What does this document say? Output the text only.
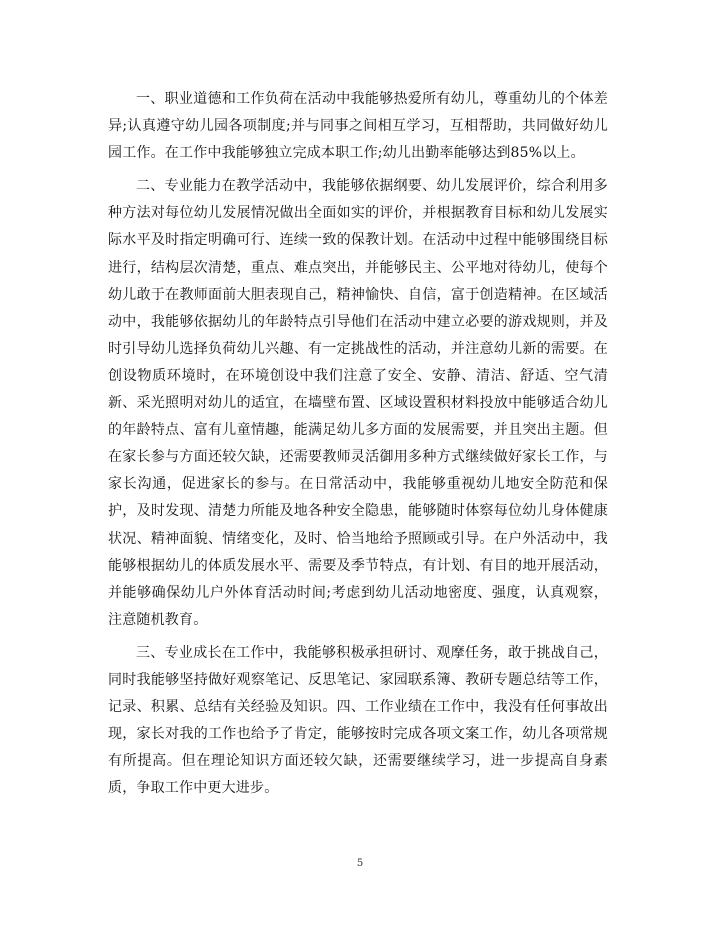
一、职业道德和工作负荷在活动中我能够热爱所有幼儿，尊重幼儿的个体差异;认真遵守幼儿园各项制度;并与同事之间相互学习，互相帮助，共同做好幼儿园工作。在工作中我能够独立完成本职工作;幼儿出勤率能够达到85%以上。

二、专业能力在教学活动中，我能够依据纲要、幼儿发展评价，综合利用多种方法对每位幼儿发展情况做出全面如实的评价，并根据教育目标和幼儿发展实际水平及时指定明确可行、连续一致的保教计划。在活动中过程中能够围绕目标进行，结构层次清楚，重点、难点突出，并能够民主、公平地对待幼儿，使每个幼儿敢于在教师面前大胆表现自己，精神愉快、自信，富于创造精神。在区域活动中，我能够依据幼儿的年龄特点引导他们在活动中建立必要的游戏规则，并及时引导幼儿选择负荷幼儿兴趣、有一定挑战性的活动，并注意幼儿新的需要。在创设物质环境时，在环境创设中我们注意了安全、安静、清洁、舒适、空气清新、采光照明对幼儿的适宜，在墙壁布置、区域设置积材料投放中能够适合幼儿的年龄特点、富有儿童情趣，能满足幼儿多方面的发展需要，并且突出主题。但在家长参与方面还较欠缺，还需要教师灵活御用多种方式继续做好家长工作，与家长沟通，促进家长的参与。在日常活动中，我能够重视幼儿地安全防范和保护，及时发现、清楚力所能及地各种安全隐患，能够随时体察每位幼儿身体健康状况、精神面貌、情绪变化，及时、恰当地给予照顾或引导。在户外活动中，我能够根据幼儿的体质发展水平、需要及季节特点，有计划、有目的地开展活动，并能够确保幼儿户外体育活动时间;考虑到幼儿活动地密度、强度，认真观察，注意随机教育。

三、专业成长在工作中，我能够积极承担研讨、观摩任务，敢于挑战自己，同时我能够坚持做好观察笔记、反思笔记、家园联系簿、教研专题总结等工作，记录、积累、总结有关经验及知识。四、工作业绩在工作中，我没有任何事故出现，家长对我的工作也给予了肯定，能够按时完成各项文案工作，幼儿各项常规有所提高。但在理论知识方面还较欠缺，还需要继续学习，进一步提高自身素质，争取工作中更大进步。

5
